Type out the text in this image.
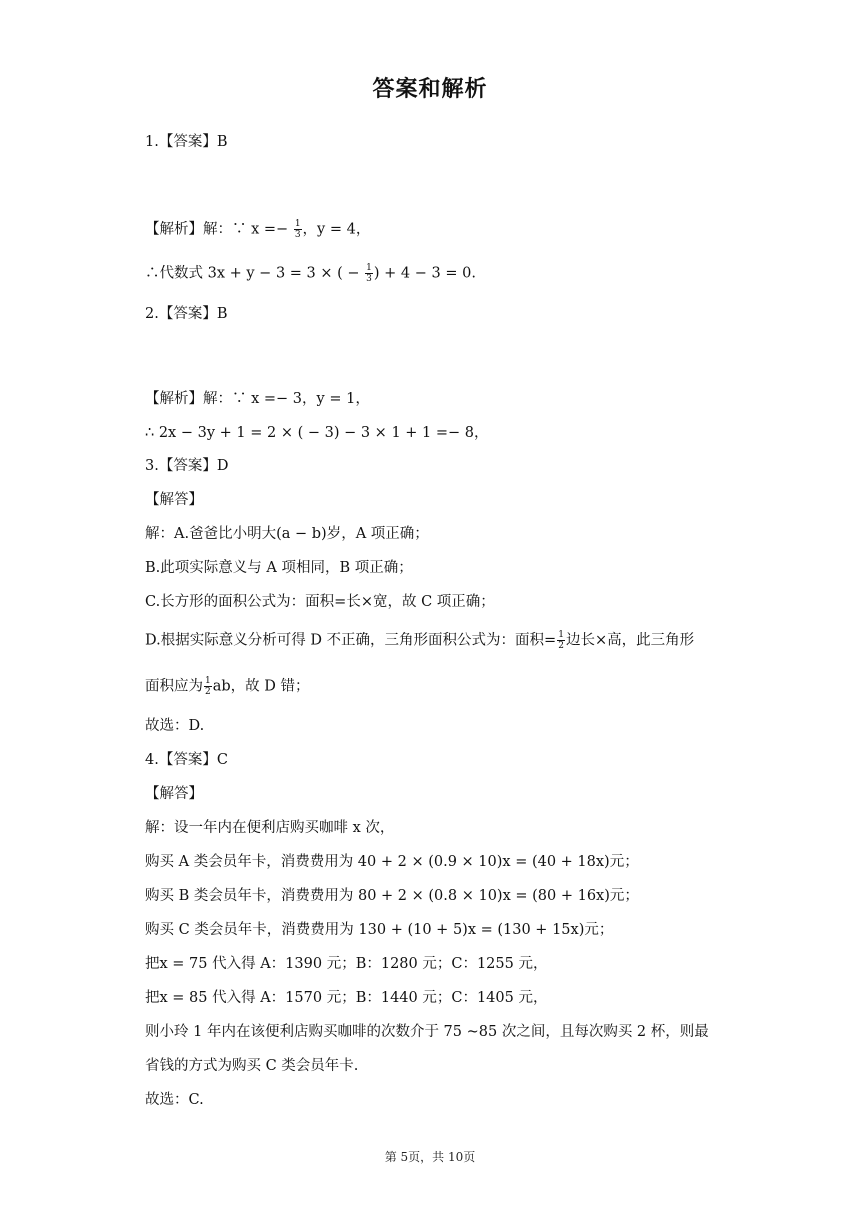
答案和解析
1.【答案】B
【解析】解：∵ $x =- \frac{1}{3}$ ，y = 4，
∴代数式 3x + y − 3 = 3 × ( − $\frac{1}{3}$ ) + 4 − 3 = 0.
2.【答案】B
【解析】解：∵ x =− 3，y = 1，
∴ 2x − 3y + 1 = 2 × ( − 3) − 3 × 1 + 1 =− 8，
3.【答案】D
【解答】
解：A.爸爸比小明大(a − b)岁，A 项正确；
B.此项实际意义与 A 项相同，B 项正确；
C.长方形的面积公式为：面积=长×宽，故 C 项正确；
D.根据实际意义分析可得 D 不正确，三角形面积公式为：面积= $\frac{1}{2}$ 边长×高，此三角形
面积应为 $\frac{1}{2}$ ab，故 D 错；
故选：D.
4.【答案】C
【解答】
解：设一年内在便利店购买咖啡 x 次，
购买 A 类会员年卡，消费费用为 40 + 2 × (0.9 × 10)x = (40 + 18x)元；
购买 B 类会员年卡，消费费用为 80 + 2 × (0.8 × 10)x = (80 + 16x)元；
购买 C 类会员年卡，消费费用为 130 + (10 + 5)x = (130 + 15x)元；
把x = 75 代入得 A：1390 元；B：1280 元；C：1255 元，
把x = 85 代入得 A：1570 元；B：1440 元；C：1405 元，
则小玲 1 年内在该便利店购买咖啡的次数介于 75 ~85 次之间，且每次购买 2 杯，则最
省钱的方式为购买 C 类会员年卡.
故选：C.
第 5页，共 10页
